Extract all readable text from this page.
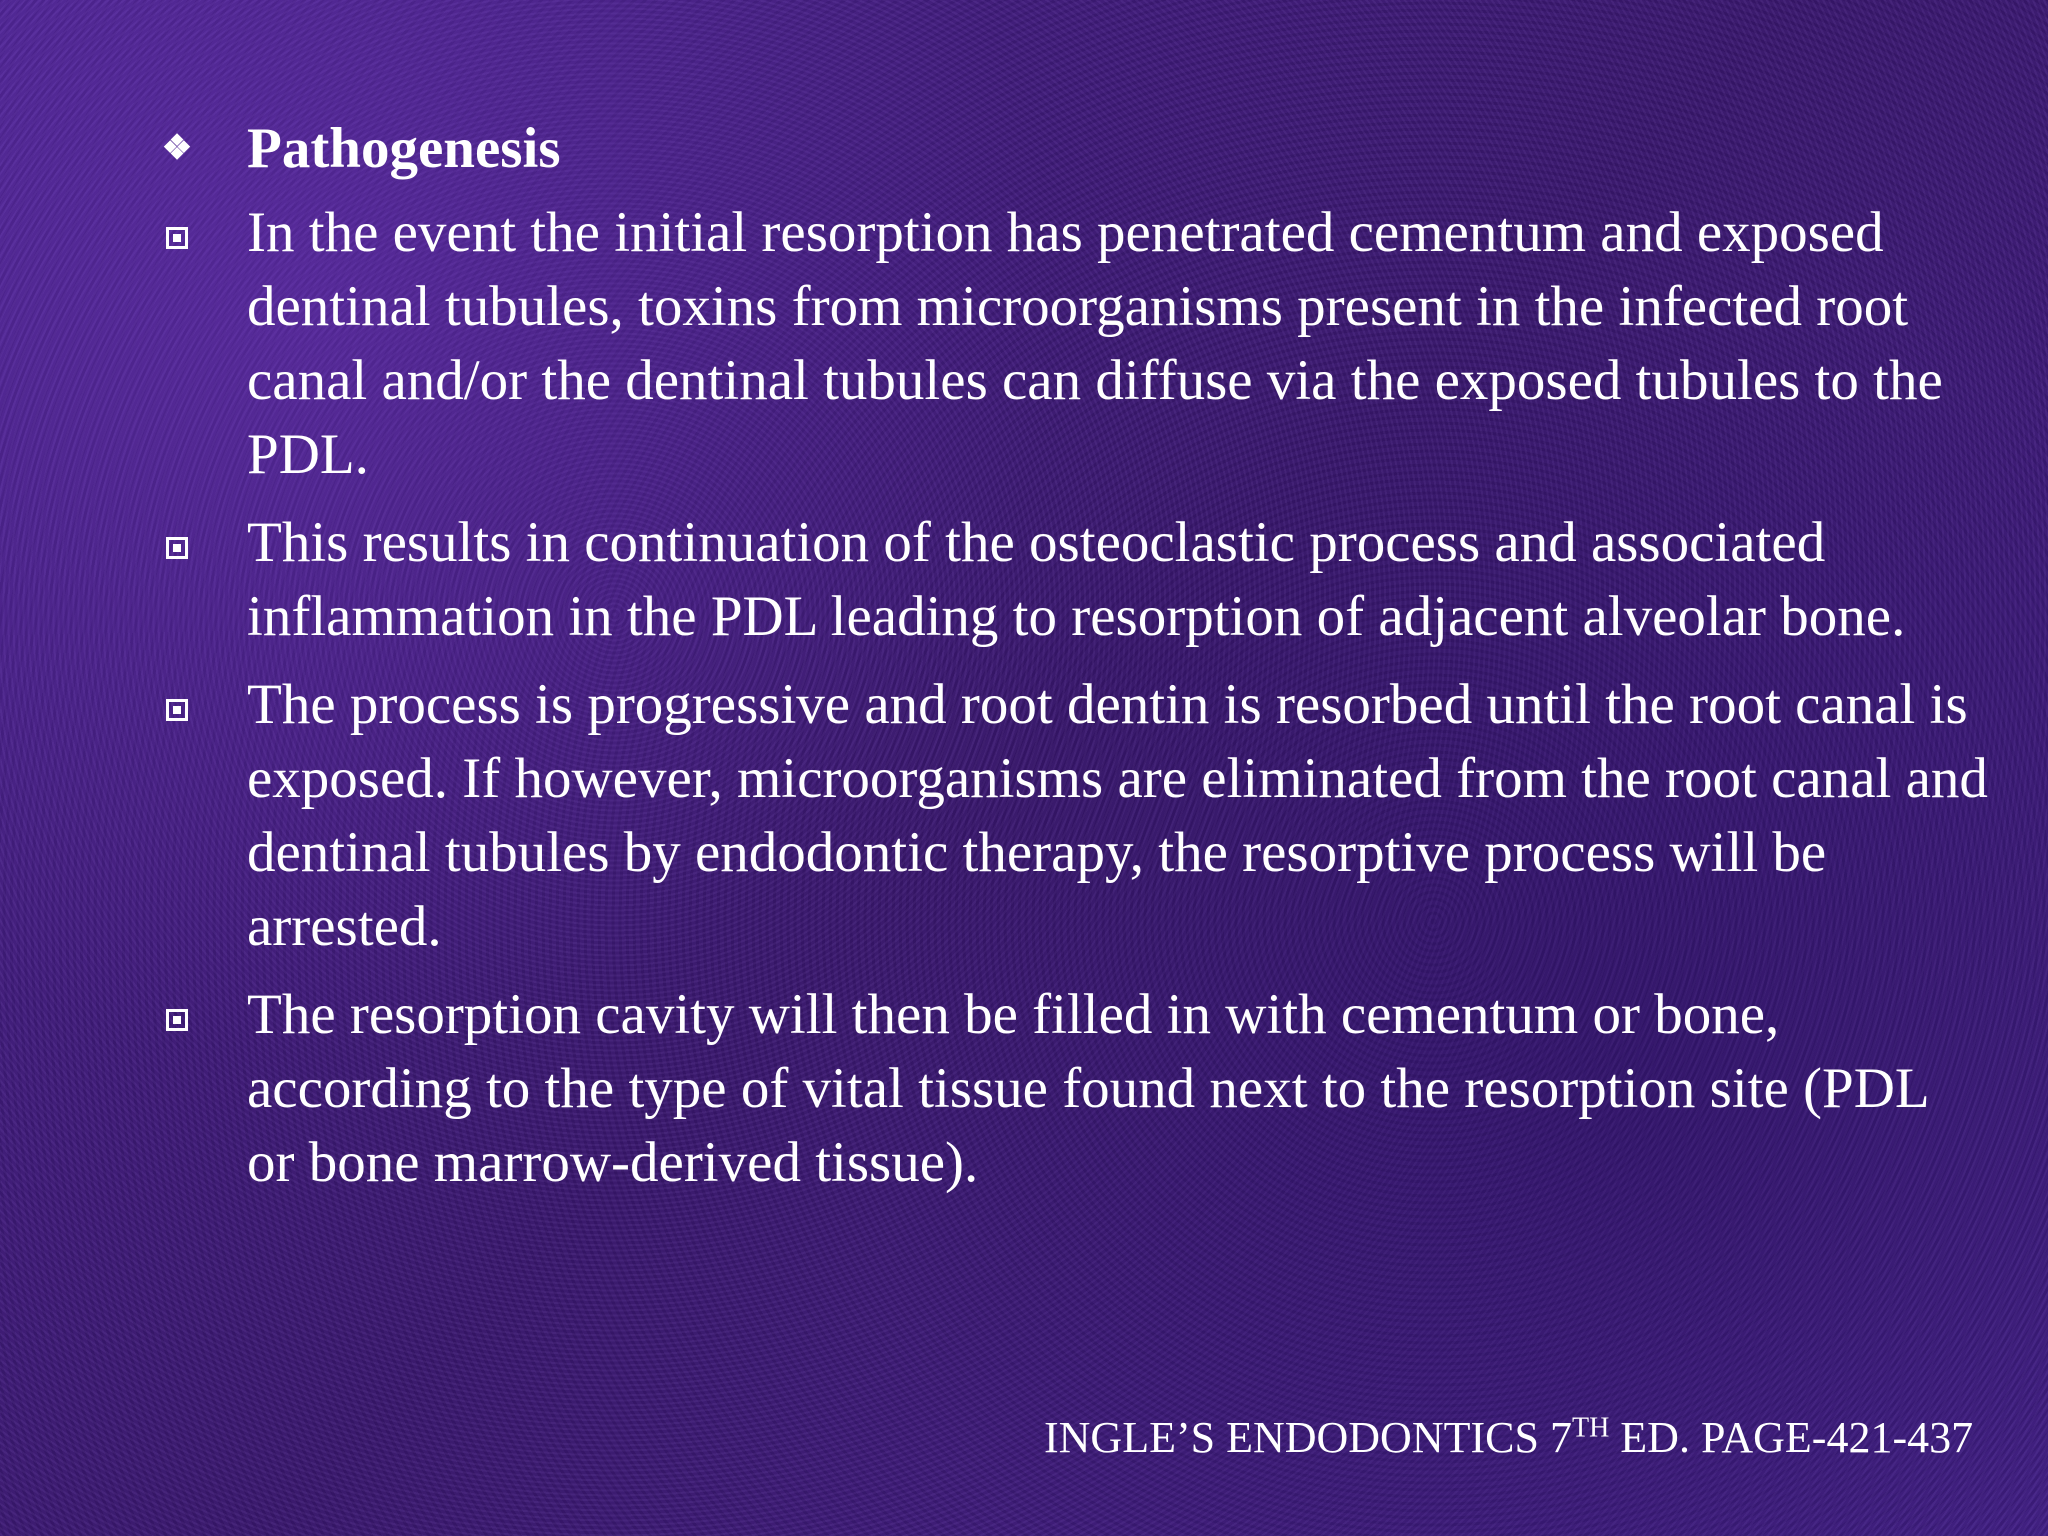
❖ Pathogenesis
In the event the initial resorption has penetrated cementum and exposed dentinal tubules, toxins from microorganisms present in the infected root canal and/or the dentinal tubules can diffuse via the exposed tubules to the PDL.
This results in continuation of the osteoclastic process and associated inflammation in the PDL leading to resorption of adjacent alveolar bone.
The process is progressive and root dentin is resorbed until the root canal is exposed. If however, microorganisms are eliminated from the root canal and dentinal tubules by endodontic therapy, the resorptive process will be arrested.
The resorption cavity will then be filled in with cementum or bone, according to the type of vital tissue found next to the resorption site (PDL or bone marrow-derived tissue).
INGLE’S ENDODONTICS 7TH ED. PAGE-421-437
